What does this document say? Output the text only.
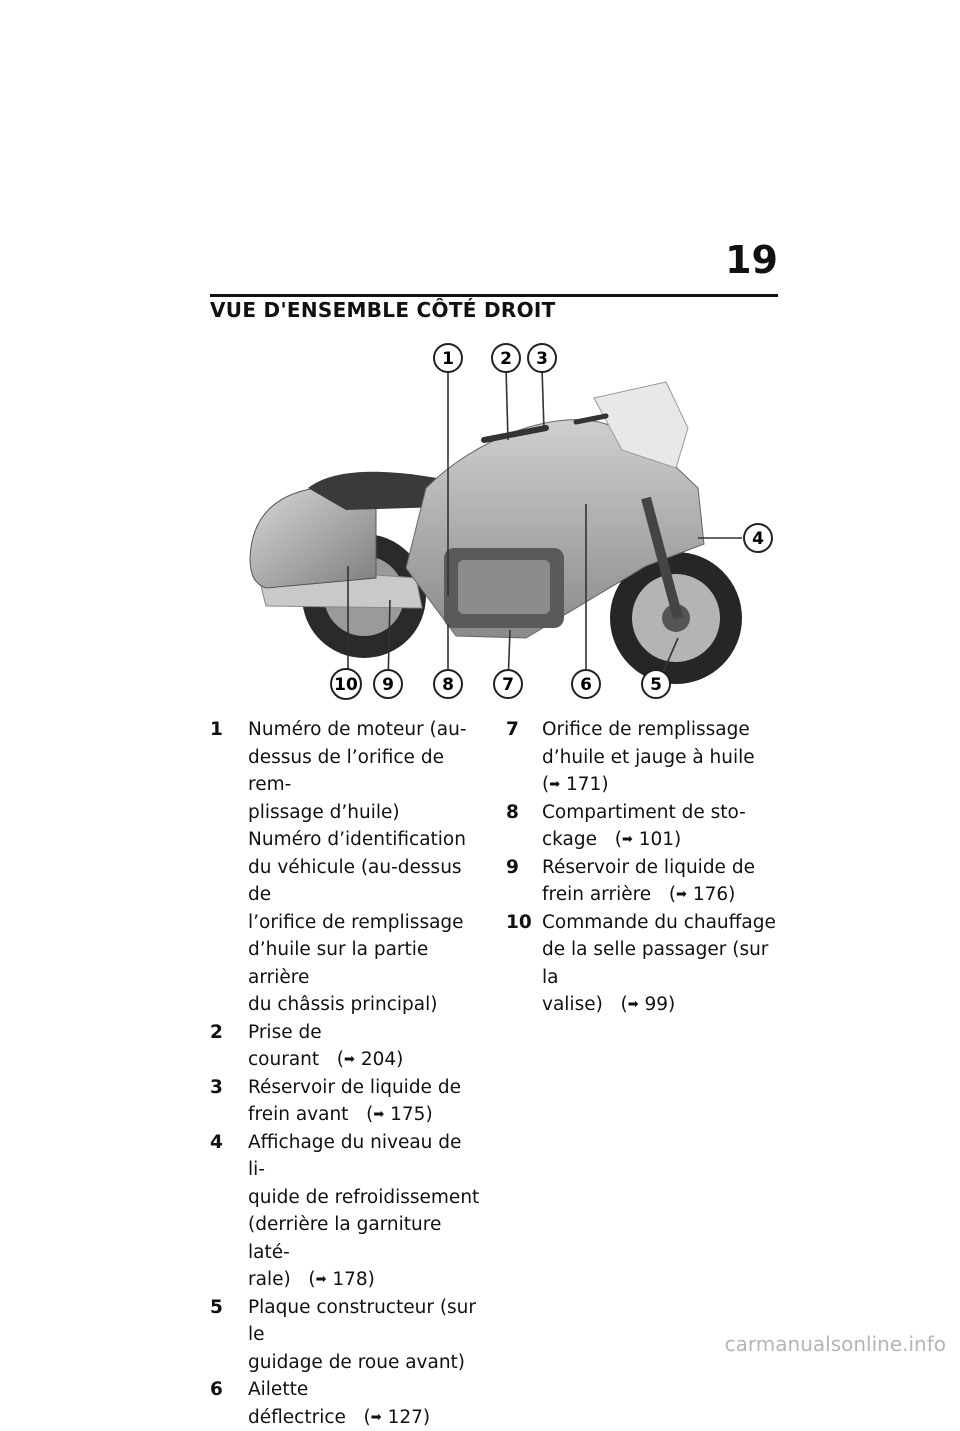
19
VUE D'ENSEMBLE CÔTÉ DROIT
1	2 3
4
5
6
7
8
9
10
1	Numéro de moteur (au-
dessus de l’orifice de rem-
plissage d’huile)
Numéro d’identification
du véhicule (au-dessus de
l’orifice de remplissage
d’huile sur la partie arrière
du châssis principal)
2	Prise de courant (➡ 204)
3	Réservoir de liquide de
frein avant (➡ 175)
4	Affichage du niveau de li-
quide de refroidissement
(derrière la garniture laté-
rale) (➡ 178)
5	Plaque constructeur (sur le
guidage de roue avant)
6	Ailette déflectrice (➡ 127)
7	Orifice de remplissage
d’huile et jauge à huile
(➡ 171)
8	Compartiment de sto-
ckage (➡ 101)
9	Réservoir de liquide de
frein arrière (➡ 176)
10 Commande du chauffage
de la selle passager (sur la
valise) (➡ 99)
carmanualsonline.info
